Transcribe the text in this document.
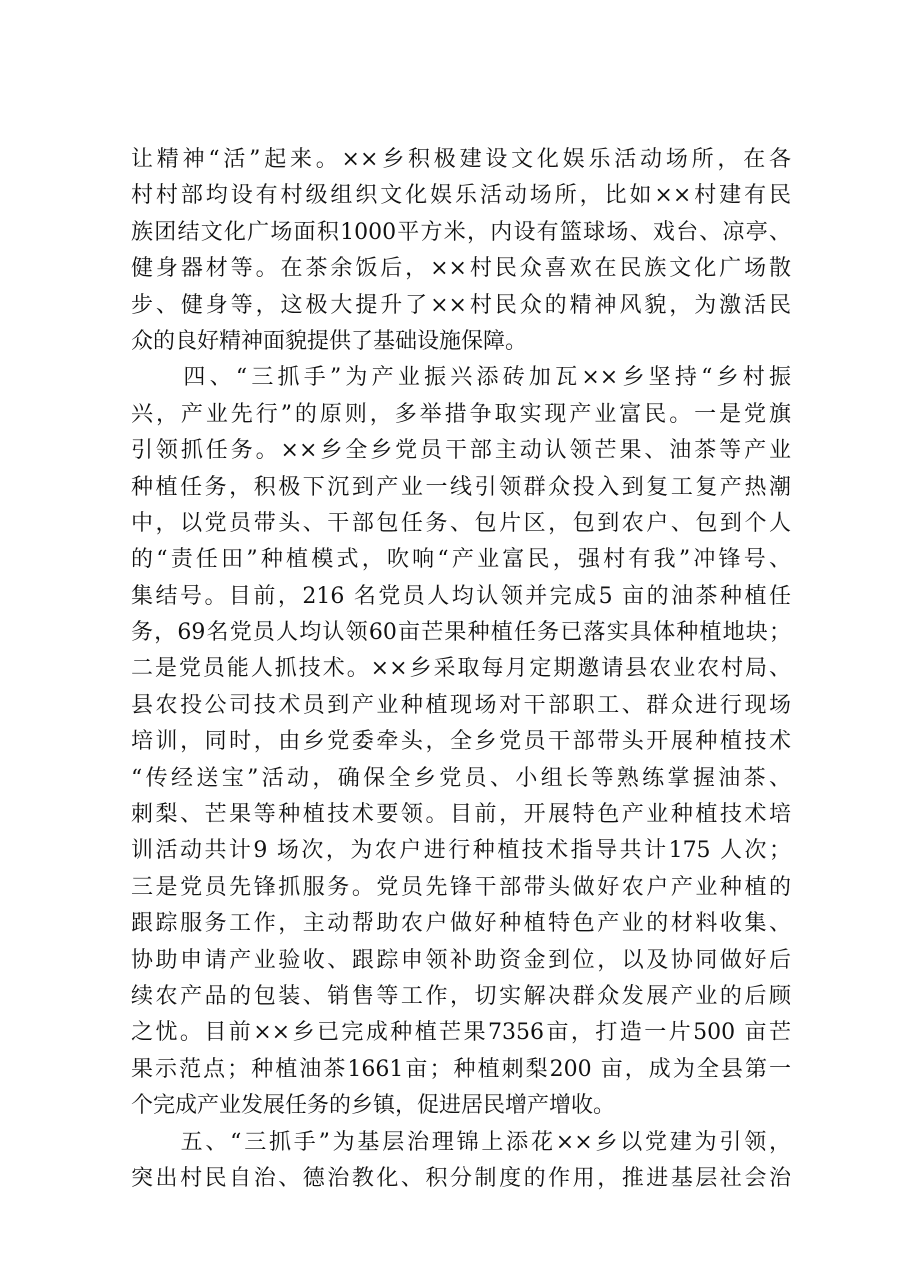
让精神“活”起来。××乡积极建设文化娱乐活动场所，在各
村村部均设有村级组织文化娱乐活动场所，比如××村建有民
族团结文化广场面积1000平方米，内设有篮球场、戏台、凉亭、
健身器材等。在茶余饭后，××村民众喜欢在民族文化广场散
步、健身等，这极大提升了××村民众的精神风貌，为激活民
众的良好精神面貌提供了基础设施保障。
　　四、“三抓手”为产业振兴添砖加瓦××乡坚持“乡村振
兴，产业先行”的原则，多举措争取实现产业富民。一是党旗
引领抓任务。××乡全乡党员干部主动认领芒果、油茶等产业
种植任务，积极下沉到产业一线引领群众投入到复工复产热潮
中，以党员带头、干部包任务、包片区，包到农户、包到个人
的“责任田”种植模式，吹响“产业富民，强村有我”冲锋号、
集结号。目前，216 名党员人均认领并完成5 亩的油茶种植任
务，69名党员人均认领60亩芒果种植任务已落实具体种植地块；
二是党员能人抓技术。××乡采取每月定期邀请县农业农村局、
县农投公司技术员到产业种植现场对干部职工、群众进行现场
培训，同时，由乡党委牵头，全乡党员干部带头开展种植技术
“传经送宝”活动，确保全乡党员、小组长等熟练掌握油茶、
刺梨、芒果等种植技术要领。目前，开展特色产业种植技术培
训活动共计9 场次，为农户进行种植技术指导共计175 人次；
三是党员先锋抓服务。党员先锋干部带头做好农户产业种植的
跟踪服务工作，主动帮助农户做好种植特色产业的材料收集、
协助申请产业验收、跟踪申领补助资金到位，以及协同做好后
续农产品的包装、销售等工作，切实解决群众发展产业的后顾
之忧。目前××乡已完成种植芒果7356亩，打造一片500 亩芒
果示范点；种植油茶1661亩；种植刺梨200 亩，成为全县第一
个完成产业发展任务的乡镇，促进居民增产增收。
　　五、“三抓手”为基层治理锦上添花××乡以党建为引领，
突出村民自治、德治教化、积分制度的作用，推进基层社会治
